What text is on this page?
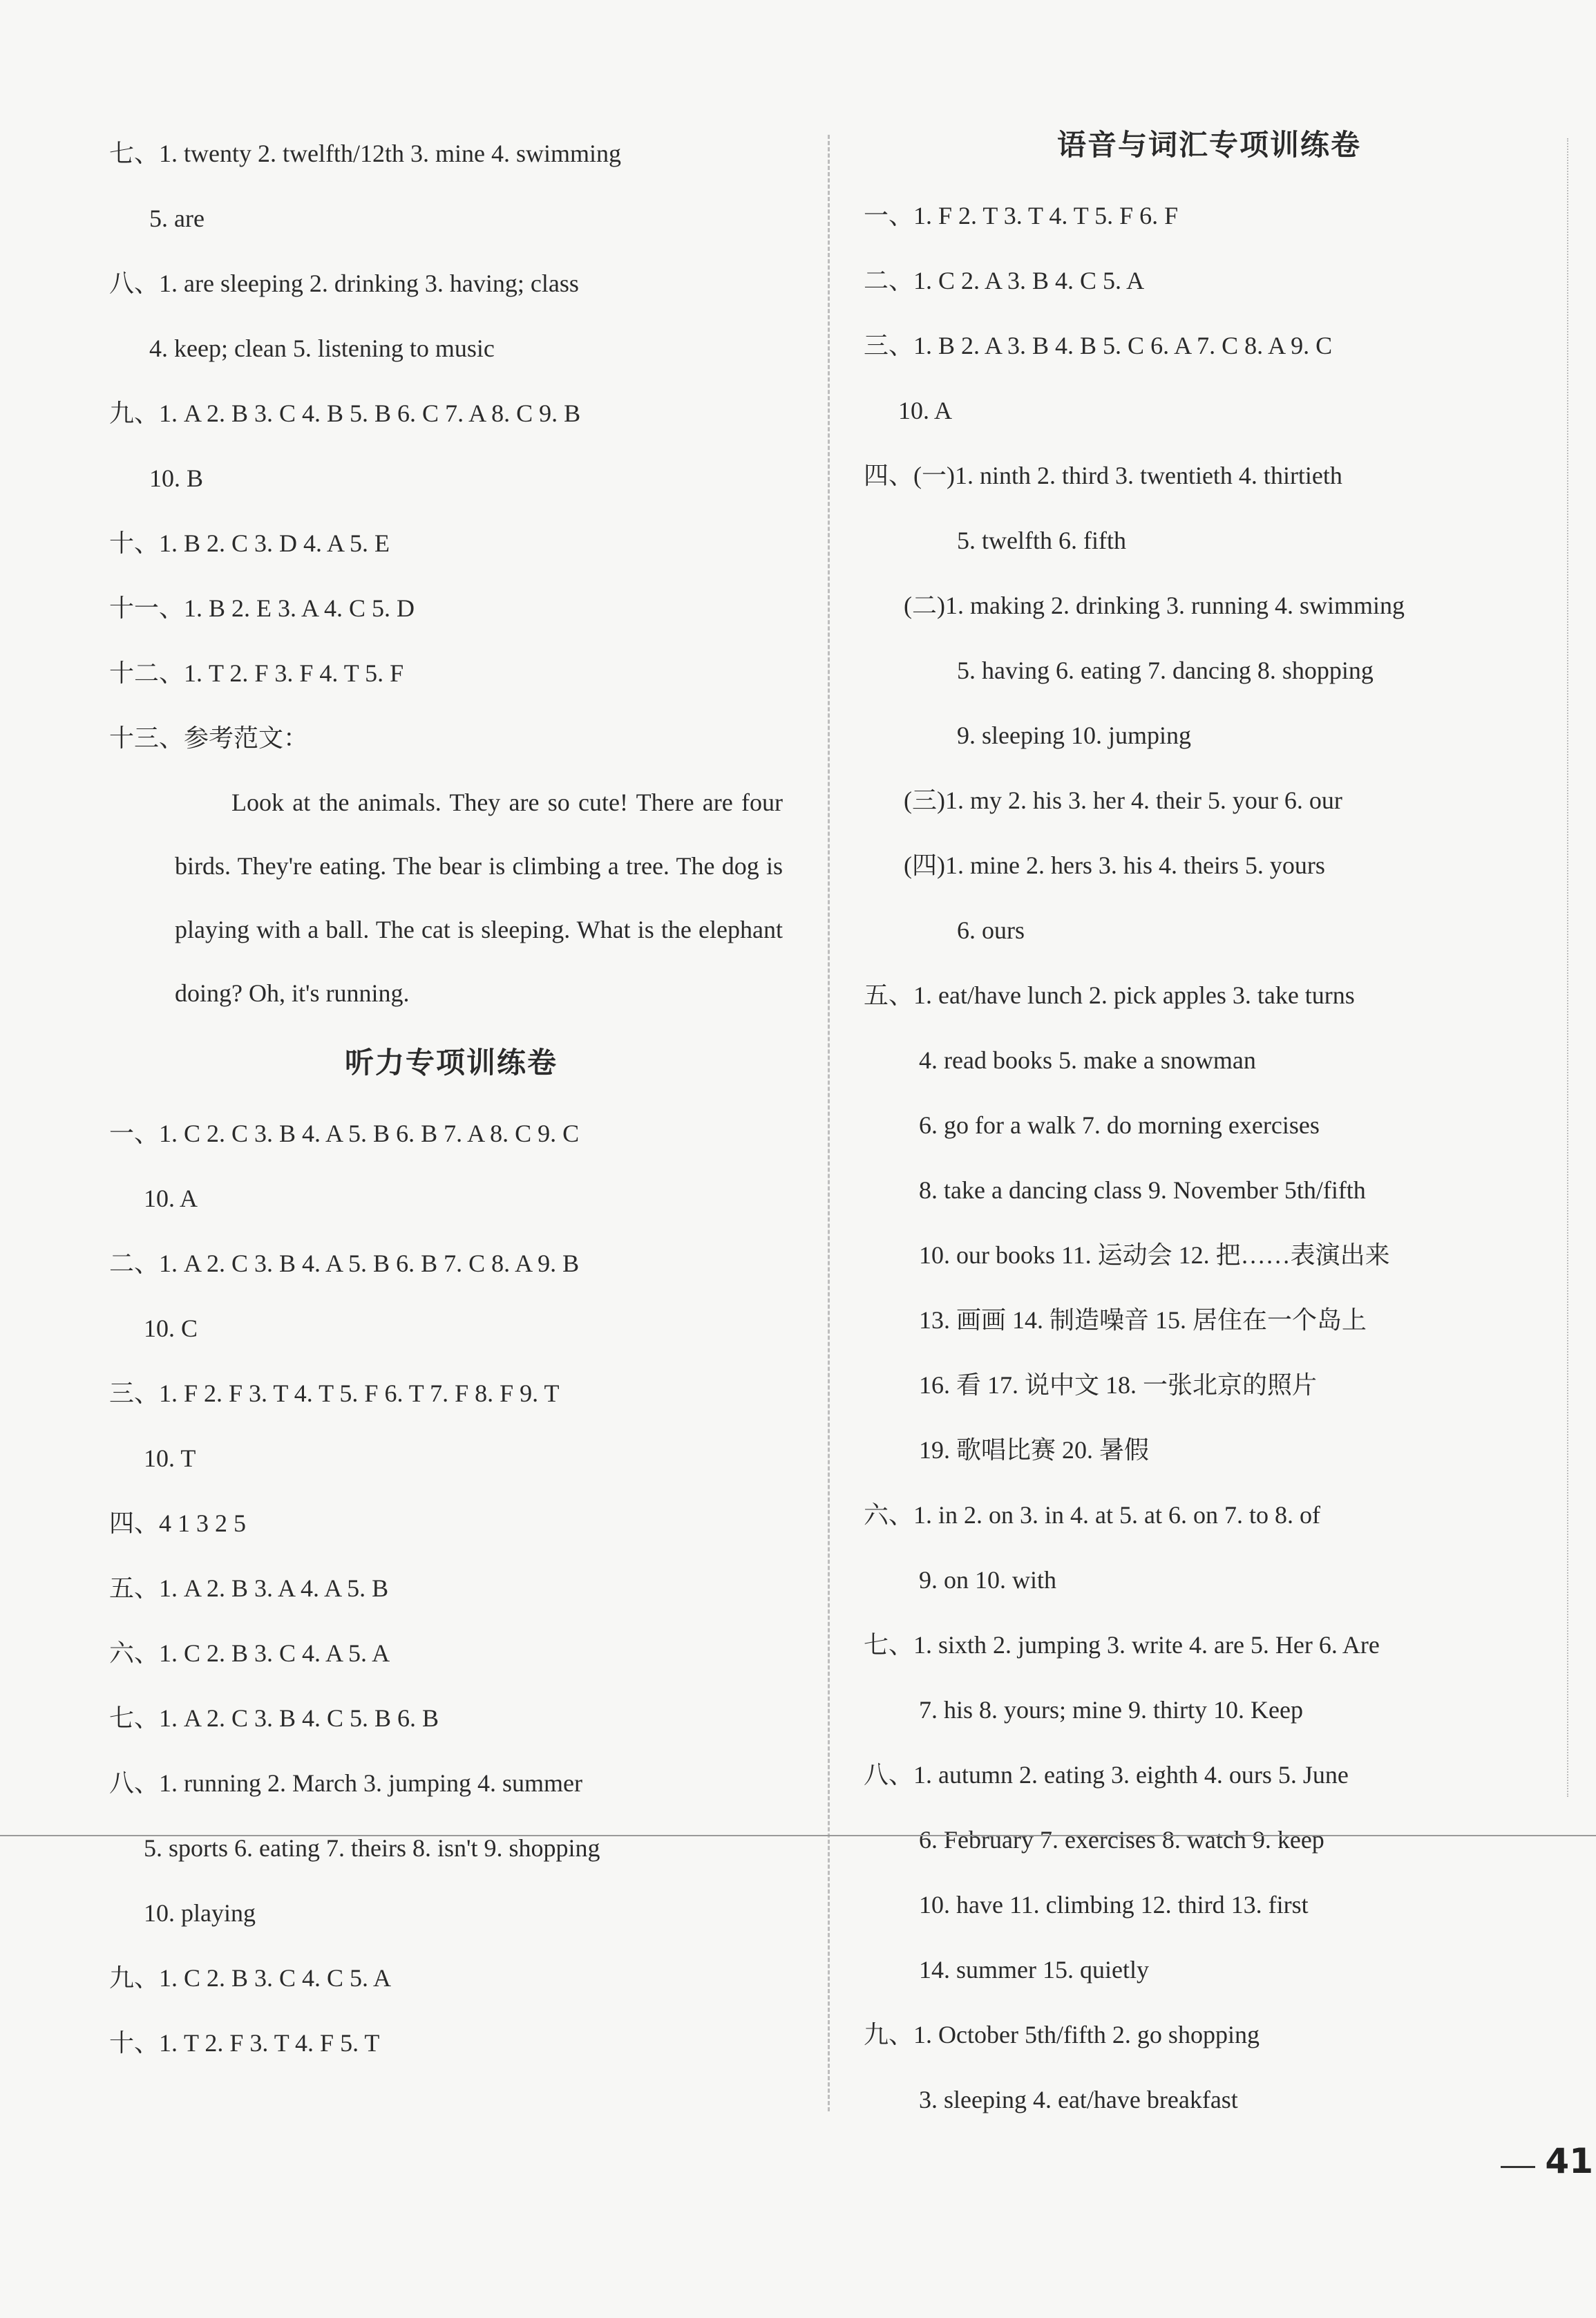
七、1. twenty 2. twelfth/12th 3. mine 4. swimming
5. are
八、1. are sleeping 2. drinking 3. having; class
4. keep; clean 5. listening to music
九、1. A 2. B 3. C 4. B 5. B 6. C 7. A 8. C 9. B
10. B
十、1. B 2. C 3. D 4. A 5. E
十一、1. B 2. E 3. A 4. C 5. D
十二、1. T 2. F 3. F 4. T 5. F
十三、参考范文：

Look at the animals. They are so cute! There are four birds. They're eating. The bear is climbing a tree. The dog is playing with a ball. The cat is sleeping. What is the elephant doing? Oh, it's running.

听力专项训练卷
一、1. C 2. C 3. B 4. A 5. B 6. B 7. A 8. C 9. C
10. A
二、1. A 2. C 3. B 4. A 5. B 6. B 7. C 8. A 9. B
10. C
三、1. F 2. F 3. T 4. T 5. F 6. T 7. F 8. F 9. T
10. T
四、4 1 3 2 5
五、1. A 2. B 3. A 4. A 5. B
六、1. C 2. B 3. C 4. A 5. A
七、1. A 2. C 3. B 4. C 5. B 6. B
八、1. running 2. March 3. jumping 4. summer
5. sports 6. eating 7. theirs 8. isn't 9. shopping
10. playing
九、1. C 2. B 3. C 4. C 5. A
十、1. T 2. F 3. T 4. F 5. T
语音与词汇专项训练卷
一、1. F 2. T 3. T 4. T 5. F 6. F
二、1. C 2. A 3. B 4. C 5. A
三、1. B 2. A 3. B 4. B 5. C 6. A 7. C 8. A 9. C
10. A
四、(一)1. ninth 2. third 3. twentieth 4. thirtieth
5. twelfth 6. fifth
(二)1. making 2. drinking 3. running 4. swimming
5. having 6. eating 7. dancing 8. shopping
9. sleeping 10. jumping
(三)1. my 2. his 3. her 4. their 5. your 6. our
(四)1. mine 2. hers 3. his 4. theirs 5. yours
6. ours
五、1. eat/have lunch 2. pick apples 3. take turns
4. read books 5. make a snowman
6. go for a walk 7. do morning exercises
8. take a dancing class 9. November 5th/fifth
10. our books 11. 运动会 12. 把……表演出来
13. 画画 14. 制造噪音 15. 居住在一个岛上
16. 看 17. 说中文 18. 一张北京的照片
19. 歌唱比赛 20. 暑假
六、1. in 2. on 3. in 4. at 5. at 6. on 7. to 8. of
9. on 10. with
七、1. sixth 2. jumping 3. write 4. are 5. Her 6. Are
7. his 8. yours; mine 9. thirty 10. Keep
八、1. autumn 2. eating 3. eighth 4. ours 5. June
6. February 7. exercises 8. watch 9. keep
10. have 11. climbing 12. third 13. first
14. summer 15. quietly
九、1. October 5th/fifth 2. go shopping
3. sleeping 4. eat/have breakfast
41
